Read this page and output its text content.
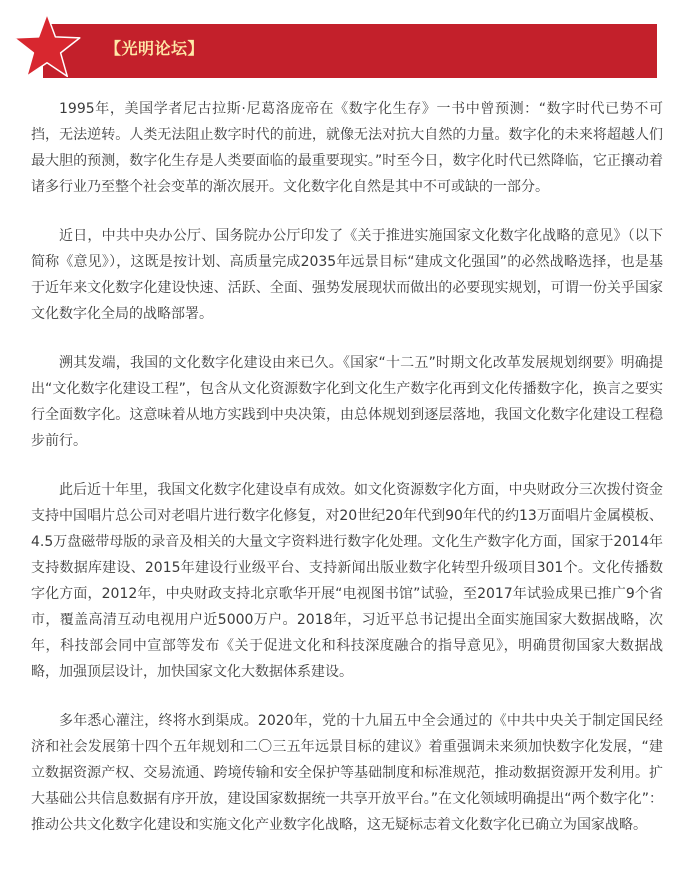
【光明论坛】

1995年，美国学者尼古拉斯·尼葛洛庞帝在《数字化生存》一书中曾预测：“数字时代已势不可挡，无法逆转。人类无法阻止数字时代的前进，就像无法对抗大自然的力量。数字化的未来将超越人们最大胆的预测，数字化生存是人类要面临的最重要现实。”时至今日，数字化时代已然降临，它正攘动着诸多行业乃至整个社会变革的渐次展开。文化数字化自然是其中不可或缺的一部分。

近日，中共中央办公厅、国务院办公厅印发了《关于推进实施国家文化数字化战略的意见》（以下简称《意见》），这既是按计划、高质量完成2035年远景目标“建成文化强国”的必然战略选择，也是基于近年来文化数字化建设快速、活跃、全面、强势发展现状而做出的必要现实规划，可谓一份关乎国家文化数字化全局的战略部署。

溯其发端，我国的文化数字化建设由来已久。《国家“十二五”时期文化改革发展规划纲要》明确提出“文化数字化建设工程”，包含从文化资源数字化到文化生产数字化再到文化传播数字化，换言之要实行全面数字化。这意味着从地方实践到中央决策，由总体规划到逐层落地，我国文化数字化建设工程稳步前行。

此后近十年里，我国文化数字化建设卓有成效。如文化资源数字化方面，中央财政分三次拨付资金支持中国唱片总公司对老唱片进行数字化修复，对20世纪20年代到90年代的约13万面唱片金属模板、4.5万盘磁带母版的录音及相关的大量文字资料进行数字化处理。文化生产数字化方面，国家于2014年支持数据库建设、2015年建设行业级平台、支持新闻出版业数字化转型升级项目301个。文化传播数字化方面，2012年，中央财政支持北京歌华开展“电视图书馆”试验，至2017年试验成果已推广9个省市，覆盖高清互动电视用户近5000万户。2018年，习近平总书记提出全面实施国家大数据战略，次年，科技部会同中宣部等发布《关于促进文化和科技深度融合的指导意见》，明确贯彻国家大数据战略，加强顶层设计，加快国家文化大数据体系建设。

多年悉心灌注，终将水到渠成。2020年，党的十九届五中全会通过的《中共中央关于制定国民经济和社会发展第十四个五年规划和二〇三五年远景目标的建议》着重强调未来须加快数字化发展，“建立数据资源产权、交易流通、跨境传输和安全保护等基础制度和标准规范，推动数据资源开发利用。扩大基础公共信息数据有序开放，建设国家数据统一共享开放平台。”在文化领域明确提出“两个数字化”：推动公共文化数字化建设和实施文化产业数字化战略，这无疑标志着文化数字化已确立为国家战略。
